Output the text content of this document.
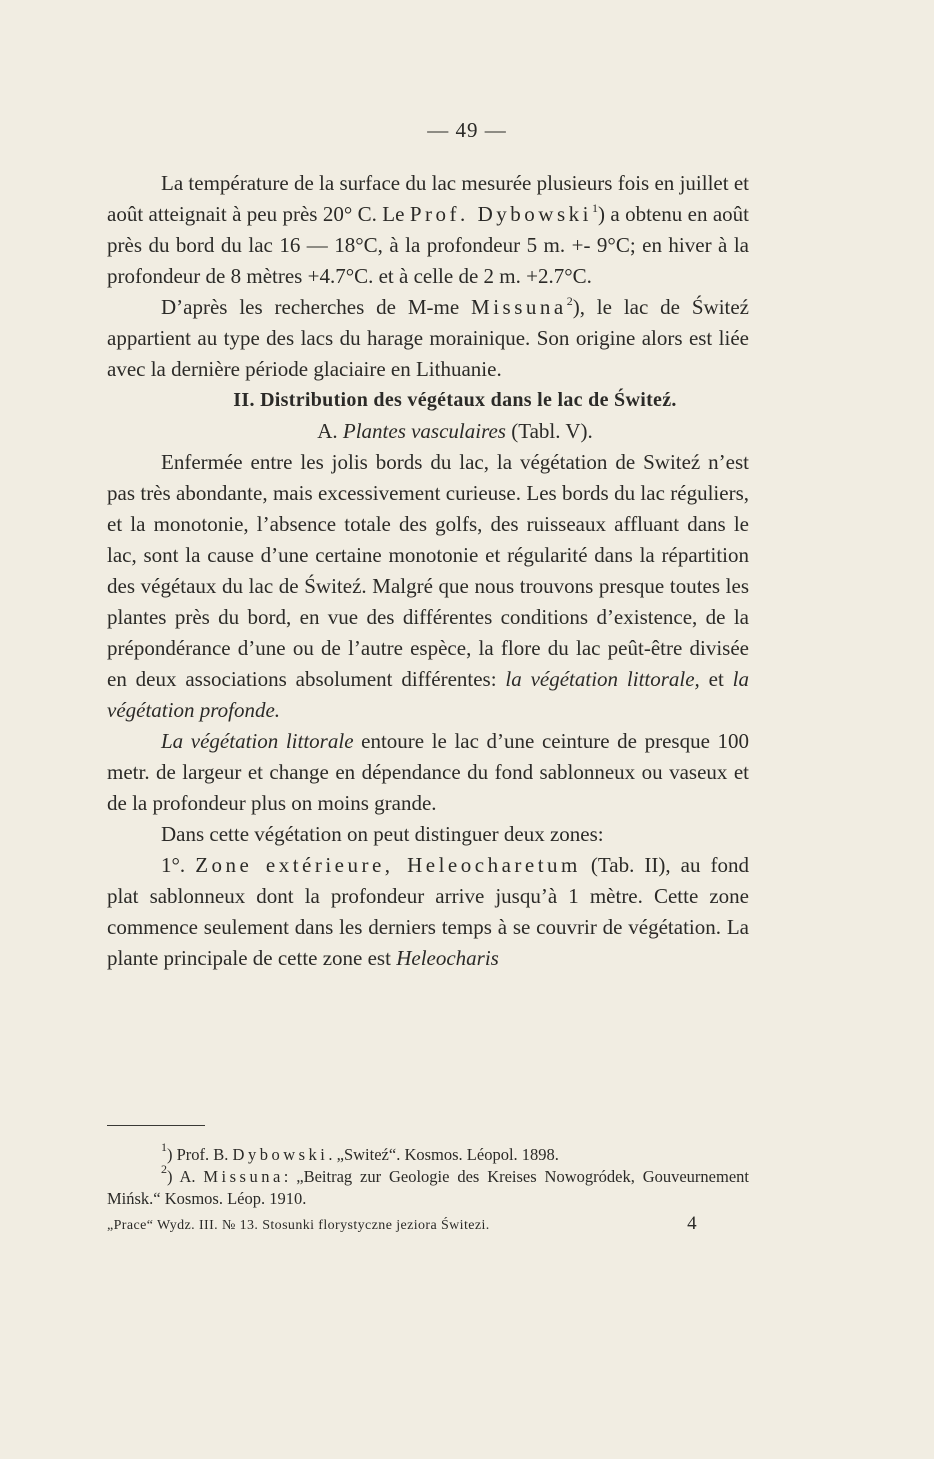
— 49 —

La température de la surface du lac mesurée plusieurs fois en juillet et août atteignait à peu près 20° C. Le Prof. Dybowski$^1$) a obtenu en août près du bord du lac 16 — 18°C, à la profondeur 5 m. +- 9°C; en hiver à la profondeur de 8 mètres +4.7°C. et à celle de 2 m. +2.7°C.

D’après les recherches de M-me Missuna$^2$), le lac de Świteź appartient au type des lacs du harage morainique. Son origine alors est liée avec la dernière période glaciaire en Lithuanie.

II. Distribution des végétaux dans le lac de Świteź.

A. Plantes vasculaires (Tabl. V).

Enfermée entre les jolis bords du lac, la végétation de Switeź n’est pas très abondante, mais excessivement curieuse. Les bords du lac réguliers, et la monotonie, l’absence totale des golfs, des ruisseaux affluant dans le lac, sont la cause d’une certaine monotonie et régularité dans la répartition des végétaux du lac de Świteź. Malgré que nous trouvons presque toutes les plantes près du bord, en vue des différentes conditions d’existence, de la prépondérance d’une ou de l’autre espèce, la flore du lac peût-être divisée en deux associations absolument différentes: la végétation littorale, et la végétation profonde.

La végétation littorale entoure le lac d’une ceinture de presque 100 metr. de largeur et change en dépendance du fond sablonneux ou vaseux et de la profondeur plus on moins grande.

Dans cette végétation on peut distinguer deux zones:

1°. Zone extérieure, Heleocharetum (Tab. II), au fond plat sablonneux dont la profondeur arrive jusqu’à 1 mètre. Cette zone commence seulement dans les derniers temps à se couvrir de végétation. La plante principale de cette zone est Heleocharis

$^1$) Prof. B. Dybowski. „Switeź“. Kosmos. Léopol. 1898.

$^2$) A. Missuna: „Beitrag zur Geologie des Kreises Nowogródek, Gouveurnement Mińsk.“ Kosmos. Léop. 1910.

„Prace“ Wydz. III. № 13. Stosunki florystyczne jeziora Świtezi.	4
